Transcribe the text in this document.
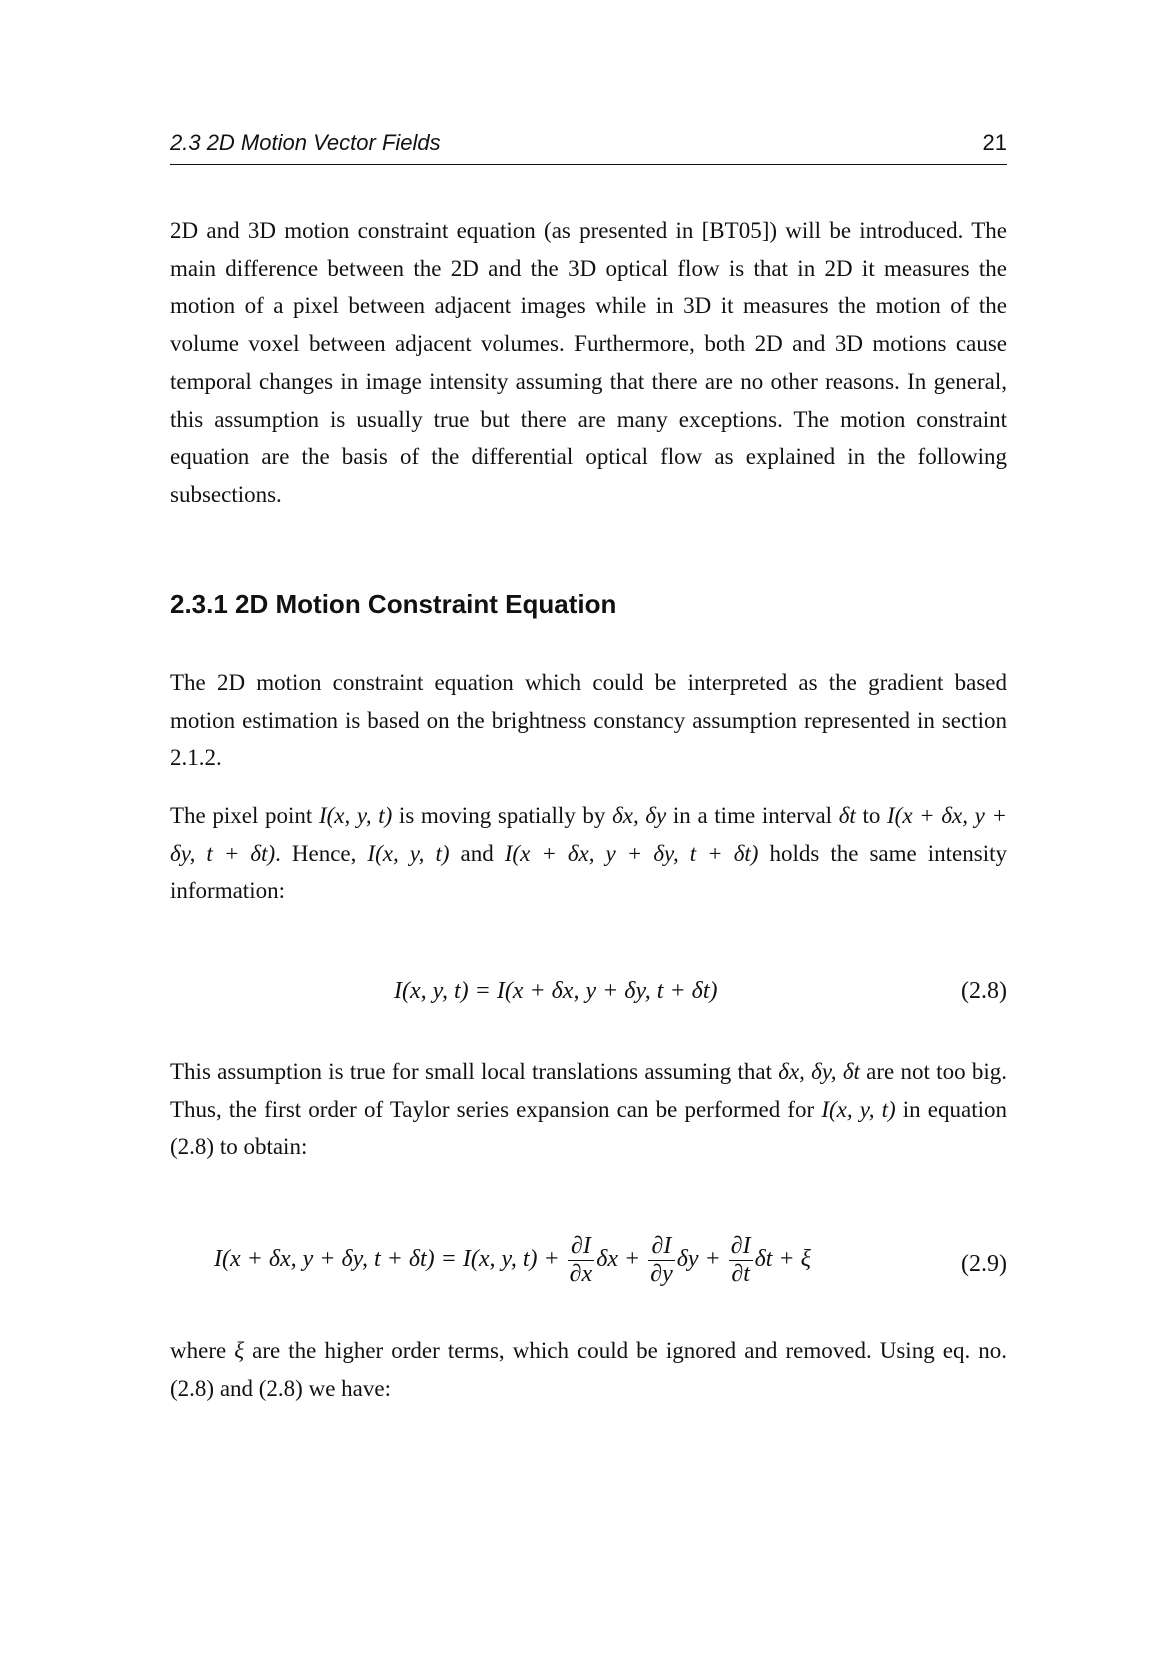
2.3 2D Motion Vector Fields	21

2D and 3D motion constraint equation (as presented in [BT05]) will be introduced. The main difference between the 2D and the 3D optical flow is that in 2D it measures the motion of a pixel between adjacent images while in 3D it measures the motion of the volume voxel between adjacent volumes. Furthermore, both 2D and 3D motions cause temporal changes in image intensity assuming that there are no other reasons. In general, this assumption is usually true but there are many exceptions. The motion constraint equation are the basis of the differential optical flow as explained in the following subsections.

2.3.1 2D Motion Constraint Equation

The 2D motion constraint equation which could be interpreted as the gradient based motion estimation is based on the brightness constancy assumption represented in section 2.1.2.

The pixel point I(x, y, t) is moving spatially by δx, δy in a time interval δt to I(x + δx, y + δy, t + δt). Hence, I(x, y, t) and I(x + δx, y + δy, t + δt) holds the same intensity information:

I(x, y, t) = I(x + δx, y + δy, t + δt)	(2.8)

This assumption is true for small local translations assuming that δx, δy, δt are not too big. Thus, the first order of Taylor series expansion can be performed for I(x, y, t) in equation (2.8) to obtain:

I(x + δx, y + δy, t + δt) = I(x, y, $t) + \frac{\partial I}{\partial x}$ $\delta x + \frac{\partial I}{\partial y}$ $\delta y + \frac{\partial I}{\partial t}$ δt + ξ	(2.9)

where ξ are the higher order terms, which could be ignored and removed. Using eq. no. (2.8) and (2.8) we have:
